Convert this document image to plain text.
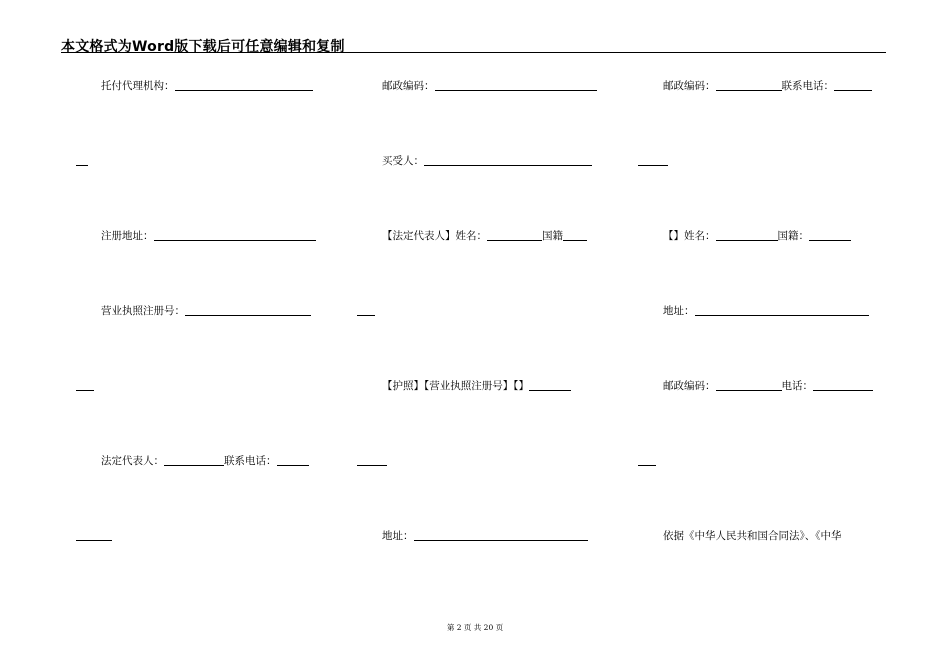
本文格式为Word版下载后可任意编辑和复制
托付代理机构：
注册地址：
营业执照注册号：
法定代表人：	联系电话：
邮政编码：
买受人：
【法定代表人】姓名：	国籍
【护照】【营业执照注册号】【】
地址：
邮政编码：	联系电话：
【】姓名：	国籍：
地址：
邮政编码：	电话：
依据《中华人民共和国合同法》、《中华
第 2 页 共 20 页
